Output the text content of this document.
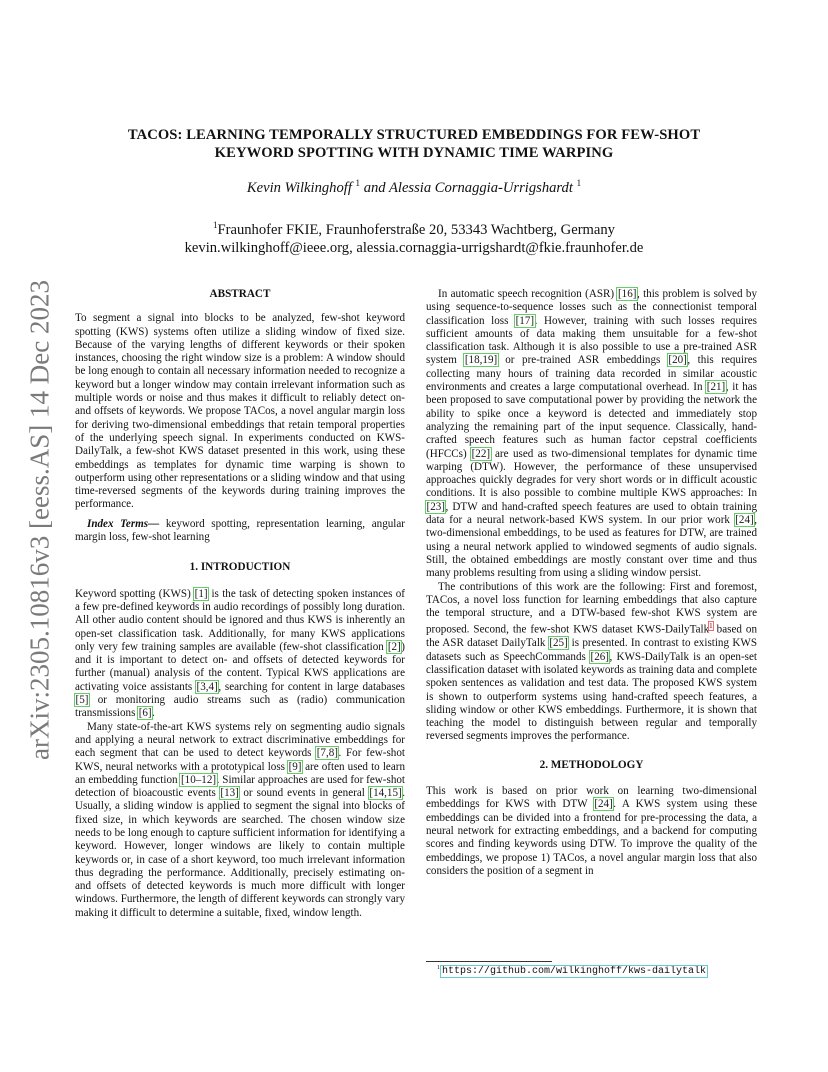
TACOS: LEARNING TEMPORALLY STRUCTURED EMBEDDINGS FOR FEW-SHOT KEYWORD SPOTTING WITH DYNAMIC TIME WARPING
Kevin Wilkinghoff $^1$ and Alessia Cornaggia-Urrigshardt $^1$
$^1$Fraunhofer FKIE, Fraunhoferstraße 20, 53343 Wachtberg, Germany
kevin.wilkinghoff@ieee.org, alessia.cornaggia-urrigshardt@fkie.fraunhofer.de
arXiv:2305.10816v3 [eess.AS] 14 Dec 2023	ABSTRACT

To segment a signal into blocks to be analyzed, few-shot keyword spotting (KWS) systems often utilize a sliding window of fixed size. Because of the varying lengths of different keywords or their spoken instances, choosing the right window size is a problem: A window should be long enough to contain all necessary information needed to recognize a keyword but a longer window may contain irrelevant information such as multiple words or noise and thus makes it difficult to reliably detect on- and offsets of keywords. We propose TACos, a novel angular margin loss for deriving two-dimensional embeddings that retain temporal properties of the underlying speech signal. In experiments conducted on KWS-DailyTalk, a few-shot KWS dataset presented in this work, using these embeddings as templates for dynamic time warping is shown to outperform using other representations or a sliding window and that using time-reversed segments of the keywords during training improves the performance.

Index Terms— keyword spotting, representation learning, angular margin loss, few-shot learning

1. INTRODUCTION

Keyword spotting (KWS) [1] is the task of detecting spoken instances of a few pre-defined keywords in audio recordings of possibly long duration. All other audio content should be ignored and thus KWS is inherently an open-set classification task. Additionally, for many KWS applications only very few training samples are available (few-shot classification [2]) and it is important to detect on- and offsets of detected keywords for further (manual) analysis of the content. Typical KWS applications are activating voice assistants [3,4], searching for content in large databases [5] or monitoring audio streams such as (radio) communication transmissions [6].

Many state-of-the-art KWS systems rely on segmenting audio signals and applying a neural network to extract discriminative embeddings for each segment that can be used to detect keywords [7,8]. For few-shot KWS, neural networks with a prototypical loss [9] are often used to learn an embedding function [10–12]. Similar approaches are used for few-shot detection of bioacoustic events [13] or sound events in general [14,15]. Usually, a sliding window is applied to segment the signal into blocks of fixed size, in which keywords are searched. The chosen window size needs to be long enough to capture sufficient information for identifying a keyword. However, longer windows are likely to contain multiple keywords or, in case of a short keyword, too much irrelevant information thus degrading the performance. Additionally, precisely estimating on- and offsets of detected keywords is much more difficult with longer windows. Furthermore, the length of different keywords can strongly vary making it difficult to determine a suitable, fixed, window length.

In automatic speech recognition (ASR) [16], this problem is solved by using sequence-to-sequence losses such as the connectionist temporal classification loss [17]. However, training with such losses requires sufficient amounts of data making them unsuitable for a few-shot classification task. Although it is also possible to use a pre-trained ASR system [18,19] or pre-trained ASR embeddings [20], this requires collecting many hours of training data recorded in similar acoustic environments and creates a large computational overhead. In [21], it has been proposed to save computational power by providing the network the ability to spike once a keyword is detected and immediately stop analyzing the remaining part of the input sequence. Classically, hand-crafted speech features such as human factor cepstral coefficients (HFCCs) [22] are used as two-dimensional templates for dynamic time warping (DTW). However, the performance of these unsupervised approaches quickly degrades for very short words or in difficult acoustic conditions. It is also possible to combine multiple KWS approaches: In [23], DTW and hand-crafted speech features are used to obtain training data for a neural network-based KWS system. In our prior work [24], two-dimensional embeddings, to be used as features for DTW, are trained using a neural network applied to windowed segments of audio signals. Still, the obtained embeddings are mostly constant over time and thus many problems resulting from using a sliding window persist.

The contributions of this work are the following: First and foremost, TACos, a novel loss function for learning embeddings that also capture the temporal structure, and a DTW-based few-shot KWS system are proposed. Second, the few-shot KWS dataset KWS-DailyTalk$^1$ based on the ASR dataset DailyTalk [25] is presented. In contrast to existing KWS datasets such as SpeechCommands [26], KWS-DailyTalk is an open-set classification dataset with isolated keywords as training data and complete spoken sentences as validation and test data. The proposed KWS system is shown to outperform systems using hand-crafted speech features, a sliding window or other KWS embeddings. Furthermore, it is shown that teaching the model to distinguish between regular and temporally reversed segments improves the performance.

2. METHODOLOGY

This work is based on prior work on learning two-dimensional embeddings for KWS with DTW [24]. A KWS system using these embeddings can be divided into a frontend for pre-processing the data, a neural network for extracting embeddings, and a backend for computing scores and finding keywords using DTW. To improve the quality of the embeddings, we propose 1) TACos, a novel angular margin loss that also considers the position of a segment in

$^1$ https://github.com/wilkinghoff/kws-dailytalk
